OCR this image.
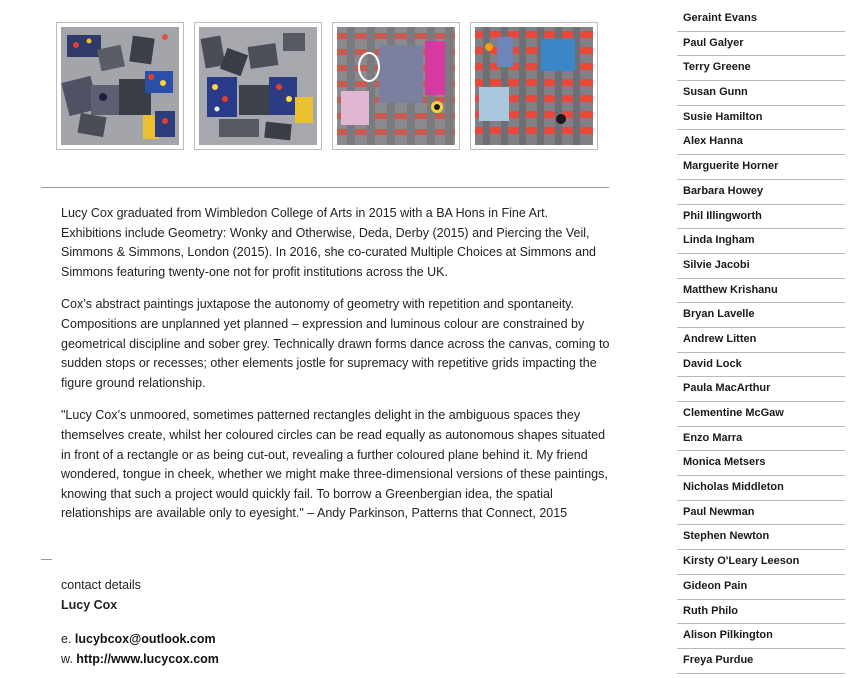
Lucy Cox graduated from Wimbledon College of Arts in 2015 with a BA Hons in Fine Art. Exhibitions include Geometry: Wonky and Otherwise, Deda, Derby (2015) and Piercing the Veil, Simmons & Simmons, London (2015). In 2016, she co-curated Multiple Choices at Simmons and Simmons featuring twenty-one not for profit institutions across the UK.

Cox’s abstract paintings juxtapose the autonomy of geometry with repetition and spontaneity. Compositions are unplanned yet planned – expression and luminous colour are constrained by geometrical discipline and sober grey. Technically drawn forms dance across the canvas, coming to sudden stops or recesses; other elements jostle for supremacy with repetitive grids impacting the figure ground relationship.

"Lucy Cox’s unmoored, sometimes patterned rectangles delight in the ambiguous spaces they themselves create, whilst her coloured circles can be read equally as autonomous shapes situated in front of a rectangle or as being cut-out, revealing a further coloured plane behind it. My friend wondered, tongue in cheek, whether we might make three-dimensional versions of these paintings, knowing that such a project would quickly fail. To borrow a Greenbergian idea, the spatial relationships are available only to eyesight." – Andy Parkinson, Patterns that Connect, 2015

contact details
Lucy Cox
e. lucybcox@outlook.com
w. http://www.lucycox.com
Geraint Evans
Paul Galyer
Terry Greene
Susan Gunn
Susie Hamilton
Alex Hanna
Marguerite Horner
Barbara Howey
Phil Illingworth
Linda Ingham
Silvie Jacobi
Matthew Krishanu
Bryan Lavelle
Andrew Litten
David Lock
Paula MacArthur
Clementine McGaw
Enzo Marra
Monica Metsers
Nicholas Middleton
Paul Newman
Stephen Newton
Kirsty O'Leary Leeson
Gideon Pain
Ruth Philo
Alison Pilkington
Freya Purdue
